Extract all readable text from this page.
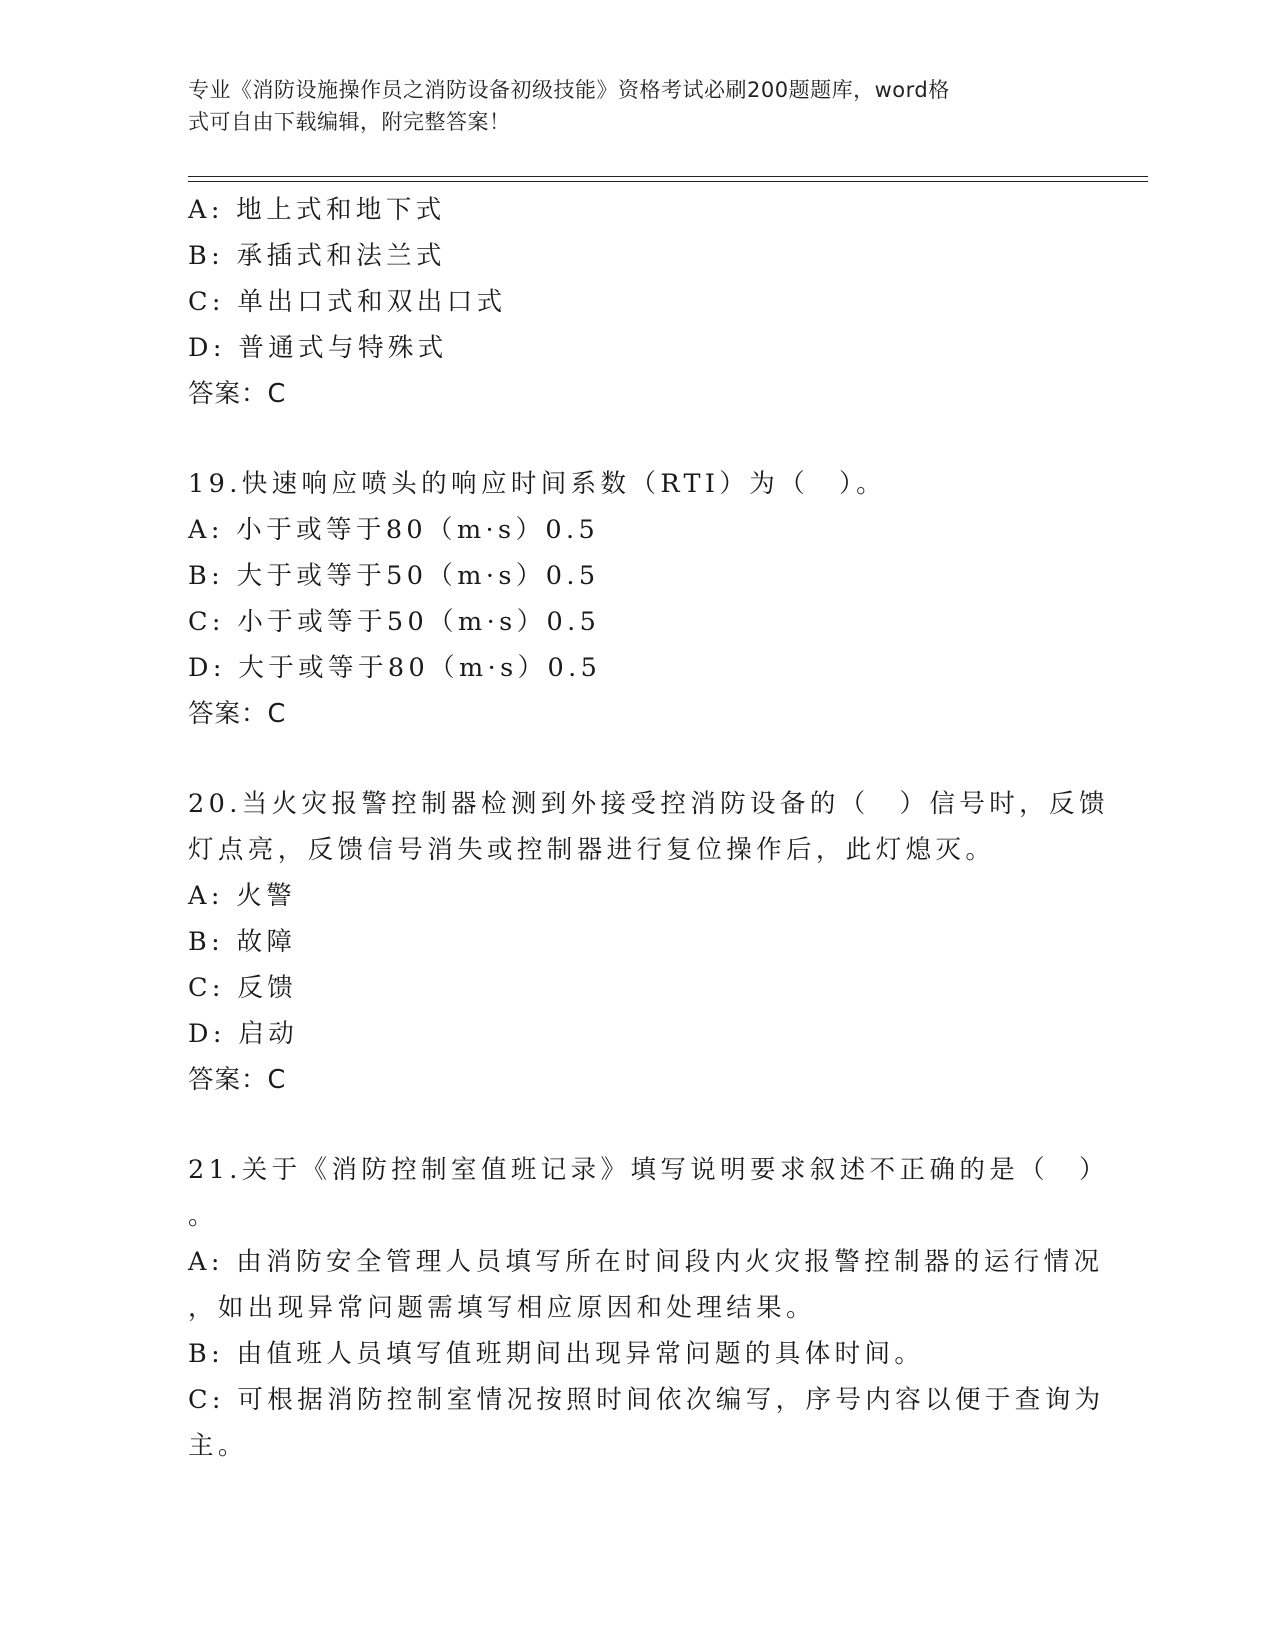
专业《消防设施操作员之消防设备初级技能》资格考试必刷200题题库，word格
式可自由下载编辑，附完整答案！
A: 地上式和地下式
B: 承插式和法兰式
C: 单出口式和双出口式
D: 普通式与特殊式
答案：C
19.快速响应喷头的响应时间系数（RTI）为（　）。
A: 小于或等于80（m·s）0.5
B: 大于或等于50（m·s）0.5
C: 小于或等于50（m·s）0.5
D: 大于或等于80（m·s）0.5
答案：C
20.当火灾报警控制器检测到外接受控消防设备的（　）信号时，反馈
灯点亮，反馈信号消失或控制器进行复位操作后，此灯熄灭。
A: 火警
B: 故障
C: 反馈
D: 启动
答案：C
21.关于《消防控制室值班记录》填写说明要求叙述不正确的是（　）
。
A: 由消防安全管理人员填写所在时间段内火灾报警控制器的运行情况
，如出现异常问题需填写相应原因和处理结果。
B: 由值班人员填写值班期间出现异常问题的具体时间。
C: 可根据消防控制室情况按照时间依次编写，序号内容以便于查询为
主。
